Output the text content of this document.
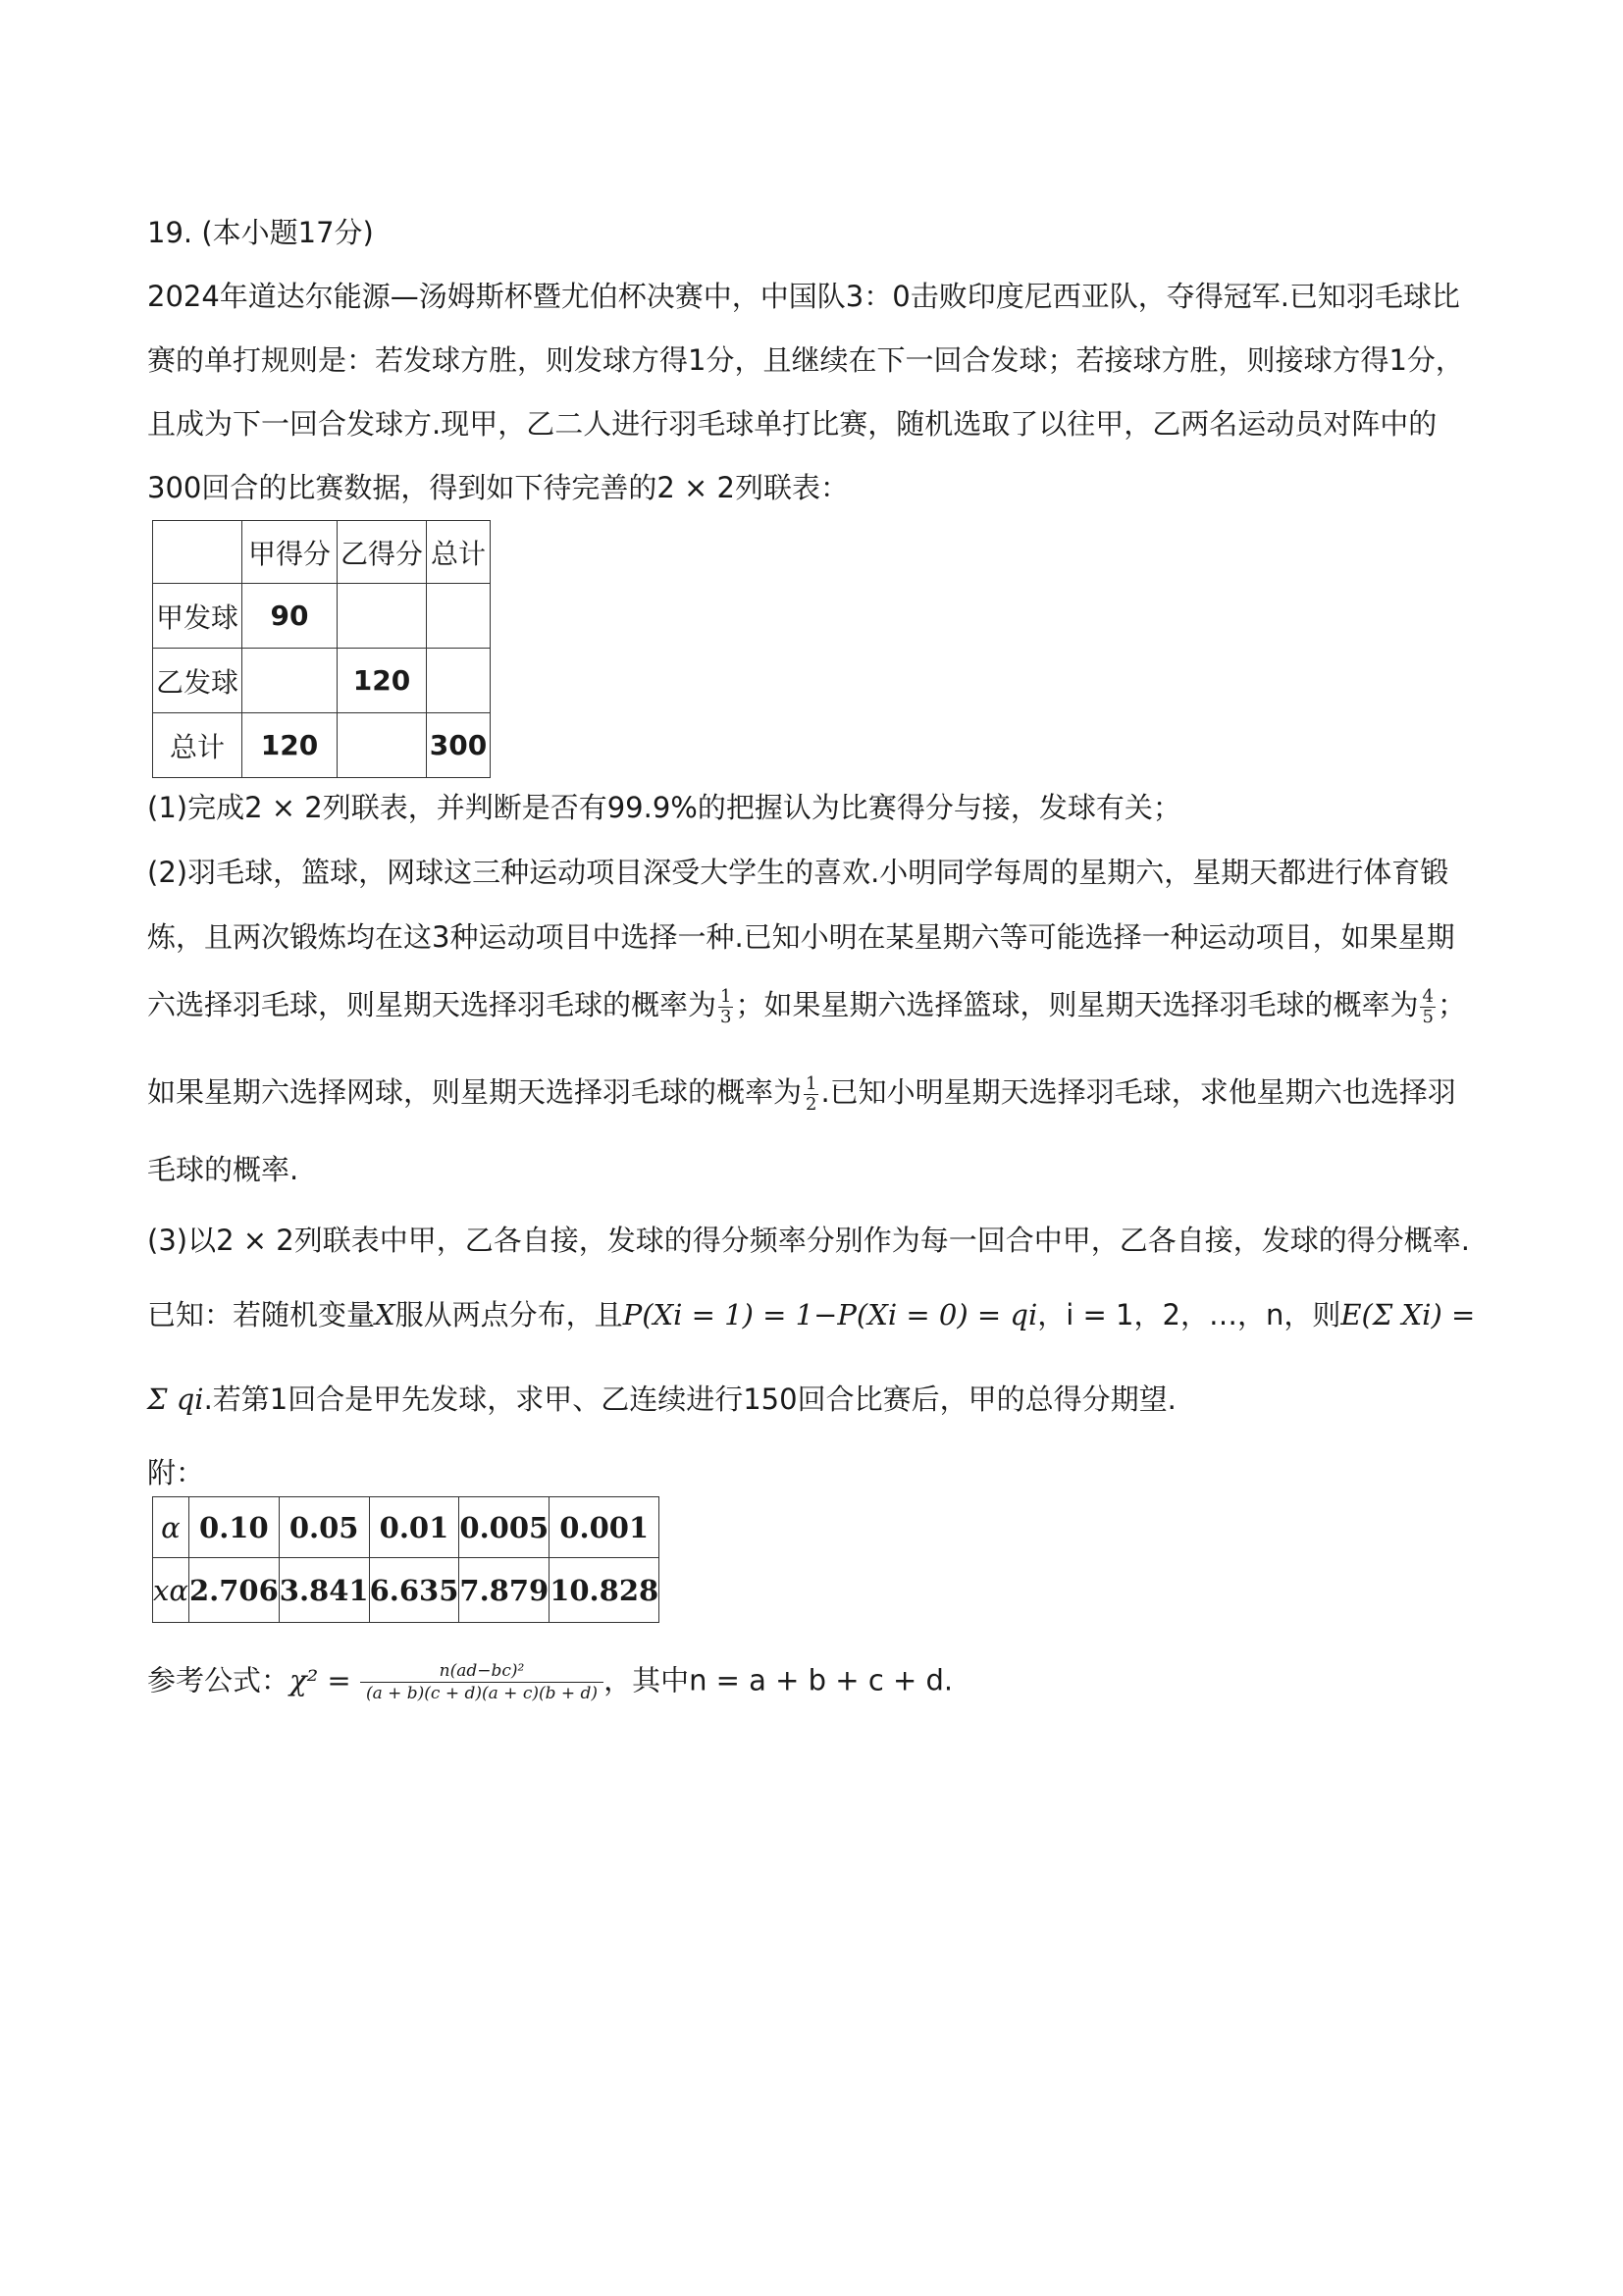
19. (本小题17分)
2024年道达尔能源—汤姆斯杯暨尤伯杯决赛中，中国队3：0击败印度尼西亚队，夺得冠军.已知羽毛球比
赛的单打规则是：若发球方胜，则发球方得1分，且继续在下一回合发球；若接球方胜，则接球方得1分，
且成为下一回合发球方.现甲，乙二人进行羽毛球单打比赛，随机选取了以往甲，乙两名运动员对阵中的
300回合的比赛数据，得到如下待完善的2 × 2列联表：
	甲得分	乙得分	总计
甲发球	90		
乙发球		120	
总计	120		300
(1)完成2 × 2列联表，并判断是否有99.9%的把握认为比赛得分与接，发球有关；
(2)羽毛球，篮球，网球这三种运动项目深受大学生的喜欢.小明同学每周的星期六，星期天都进行体育锻
炼，且两次锻炼均在这3种运动项目中选择一种.已知小明在某星期六等可能选择一种运动项目，如果星期
六选择羽毛球，则星期天选择羽毛球的概率为 $\frac{1}{3}$ ；如果星期六选择篮球，则星期天选择羽毛球的概率为 $\frac{4}{5}$ ；
如果星期六选择网球，则星期天选择羽毛球的概率为 $\frac{1}{2}$ .已知小明星期天选择羽毛球，求他星期六也选择羽
毛球的概率.
(3)以2 × 2列联表中甲，乙各自接，发球的得分频率分别作为每一回合中甲，乙各自接，发球的得分概率.
已知：若随机变量X服从两点分布，且P(Xi = 1) = 1−P(Xi = 0) = qi，i = 1，2，…，n，则E(Σ Xi) =
Σ qi.若第1回合是甲先发球，求甲、乙连续进行150回合比赛后，甲的总得分期望.
附：
α	0.10	0.05	0.01	0.005	0.001
xα	2.706	3.841	6.635	7.879	10.828
参考公式：$\chi^2 = \frac{\text{n(ad−bc)²}}{(a + b)(c + d)(a + c)(b + d)}$ ，其中n = a + b + c + d.
